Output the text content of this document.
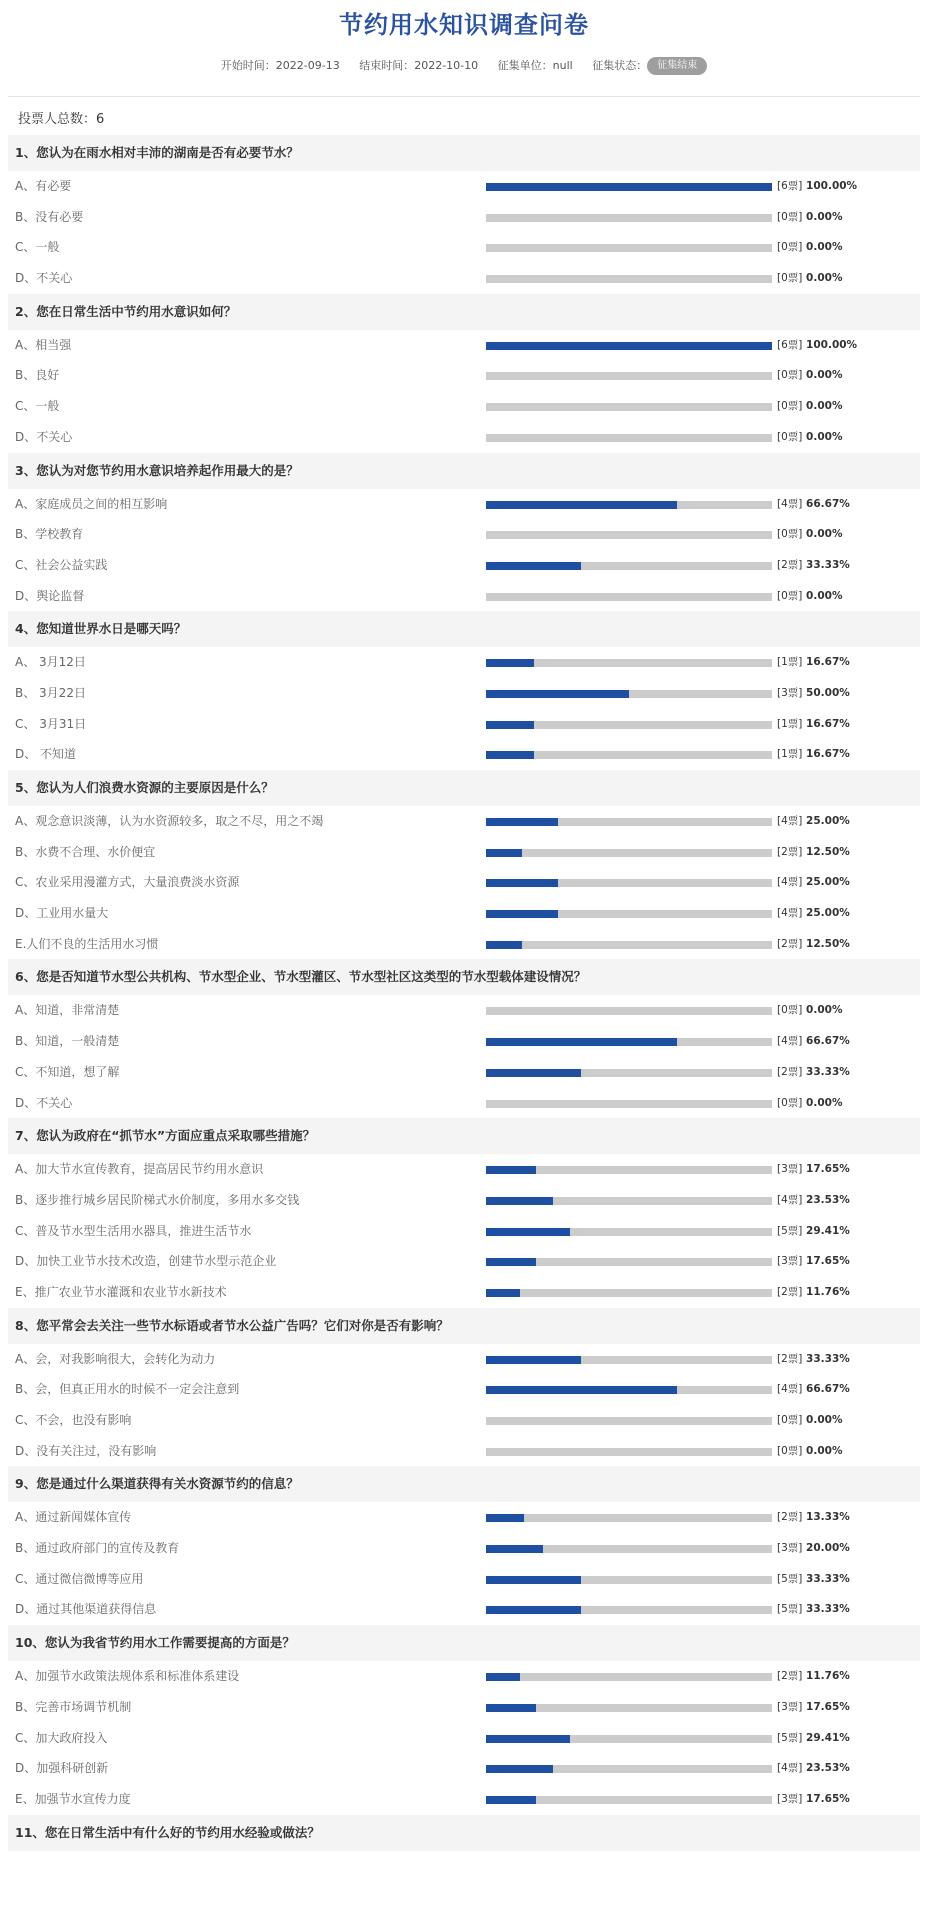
节约用水知识调查问卷
开始时间：2022-09-13 结束时间：2022-10-10 征集单位：null 征集状态： 征集结束
投票人总数：6
1、您认为在雨水相对丰沛的湖南是否有必要节水？
A、有必要	[6票] 100.00%
B、没有必要	[0票] 0.00%
C、一般	[0票] 0.00%
D、不关心	[0票] 0.00%
2、您在日常生活中节约用水意识如何？
A、相当强	[6票] 100.00%
B、良好	[0票] 0.00%
C、一般	[0票] 0.00%
D、不关心	[0票] 0.00%
3、您认为对您节约用水意识培养起作用最大的是？
A、家庭成员之间的相互影响	[4票] 66.67%
B、学校教育	[0票] 0.00%
C、社会公益实践	[2票] 33.33%
D、舆论监督	[0票] 0.00%
4、您知道世界水日是哪天吗？
A、 3月12日	[1票] 16.67%
B、 3月22日	[3票] 50.00%
C、 3月31日	[1票] 16.67%
D、 不知道	[1票] 16.67%
5、您认为人们浪费水资源的主要原因是什么？
A、观念意识淡薄，认为水资源较多，取之不尽，用之不竭	[4票] 25.00%
B、水费不合理、水价便宜	[2票] 12.50%
C、农业采用漫灌方式，大量浪费淡水资源	[4票] 25.00%
D、工业用水量大	[4票] 25.00%
E.人们不良的生活用水习惯	[2票] 12.50%
6、您是否知道节水型公共机构、节水型企业、节水型灌区、节水型社区这类型的节水型载体建设情况？
A、知道，非常清楚	[0票] 0.00%
B、知道，一般清楚	[4票] 66.67%
C、不知道，想了解	[2票] 33.33%
D、不关心	[0票] 0.00%
7、您认为政府在“抓节水”方面应重点采取哪些措施？
A、加大节水宣传教育，提高居民节约用水意识	[3票] 17.65%
B、逐步推行城乡居民阶梯式水价制度，多用水多交钱	[4票] 23.53%
C、普及节水型生活用水器具，推进生活节水	[5票] 29.41%
D、加快工业节水技术改造，创建节水型示范企业	[3票] 17.65%
E、推广农业节水灌溉和农业节水新技术	[2票] 11.76%
8、您平常会去关注一些节水标语或者节水公益广告吗？它们对你是否有影响？
A、会，对我影响很大，会转化为动力	[2票] 33.33%
B、会，但真正用水的时候不一定会注意到	[4票] 66.67%
C、不会，也没有影响	[0票] 0.00%
D、没有关注过，没有影响	[0票] 0.00%
9、您是通过什么渠道获得有关水资源节约的信息？
A、通过新闻媒体宣传	[2票] 13.33%
B、通过政府部门的宣传及教育	[3票] 20.00%
C、通过微信微博等应用	[5票] 33.33%
D、通过其他渠道获得信息	[5票] 33.33%
10、您认为我省节约用水工作需要提高的方面是？
A、加强节水政策法规体系和标准体系建设	[2票] 11.76%
B、完善市场调节机制	[3票] 17.65%
C、加大政府投入	[5票] 29.41%
D、加强科研创新	[4票] 23.53%
E、加强节水宣传力度	[3票] 17.65%
11、您在日常生活中有什么好的节约用水经验或做法？
